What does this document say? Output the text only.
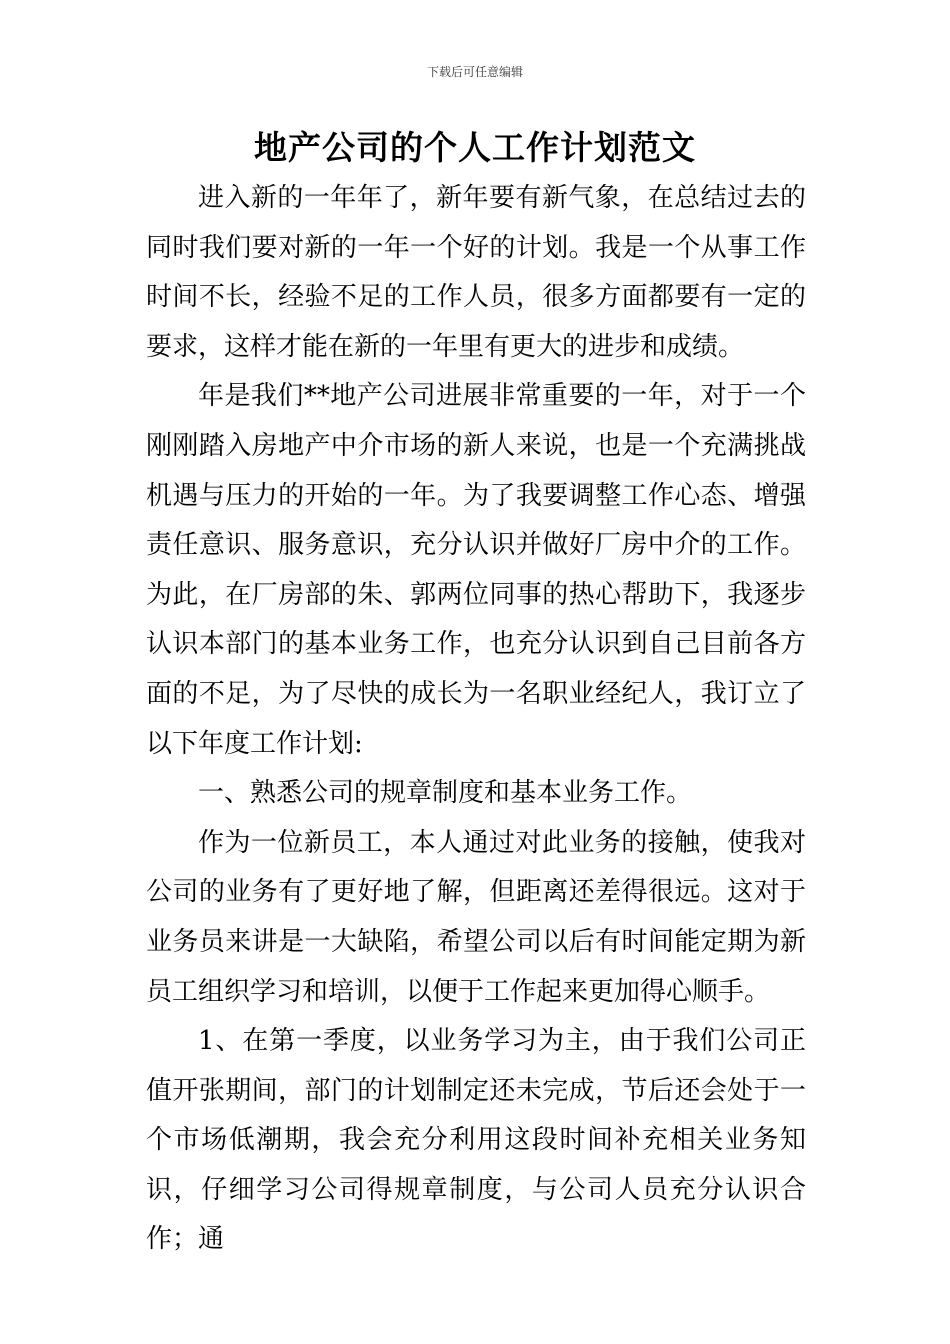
下载后可任意编辑
地产公司的个人工作计划范文

进入新的一年年了，新年要有新气象，在总结过去的同时我们要对新的一年一个好的计划。我是一个从事工作时间不长，经验不足的工作人员，很多方面都要有一定的要求，这样才能在新的一年里有更大的进步和成绩。

年是我们**地产公司进展非常重要的一年，对于一个刚刚踏入房地产中介市场的新人来说，也是一个充满挑战机遇与压力的开始的一年。为了我要调整工作心态、增强责任意识、服务意识，充分认识并做好厂房中介的工作。为此，在厂房部的朱、郭两位同事的热心帮助下，我逐步认识本部门的基本业务工作，也充分认识到自己目前各方面的不足，为了尽快的成长为一名职业经纪人，我订立了以下年度工作计划:

一、熟悉公司的规章制度和基本业务工作。

作为一位新员工，本人通过对此业务的接触，使我对公司的业务有了更好地了解，但距离还差得很远。这对于业务员来讲是一大缺陷，希望公司以后有时间能定期为新员工组织学习和培训，以便于工作起来更加得心顺手。

1、在第一季度，以业务学习为主，由于我们公司正值开张期间，部门的计划制定还未完成，节后还会处于一个市场低潮期，我会充分利用这段时间补充相关业务知识，仔细学习公司得规章制度，与公司人员充分认识合作；通
